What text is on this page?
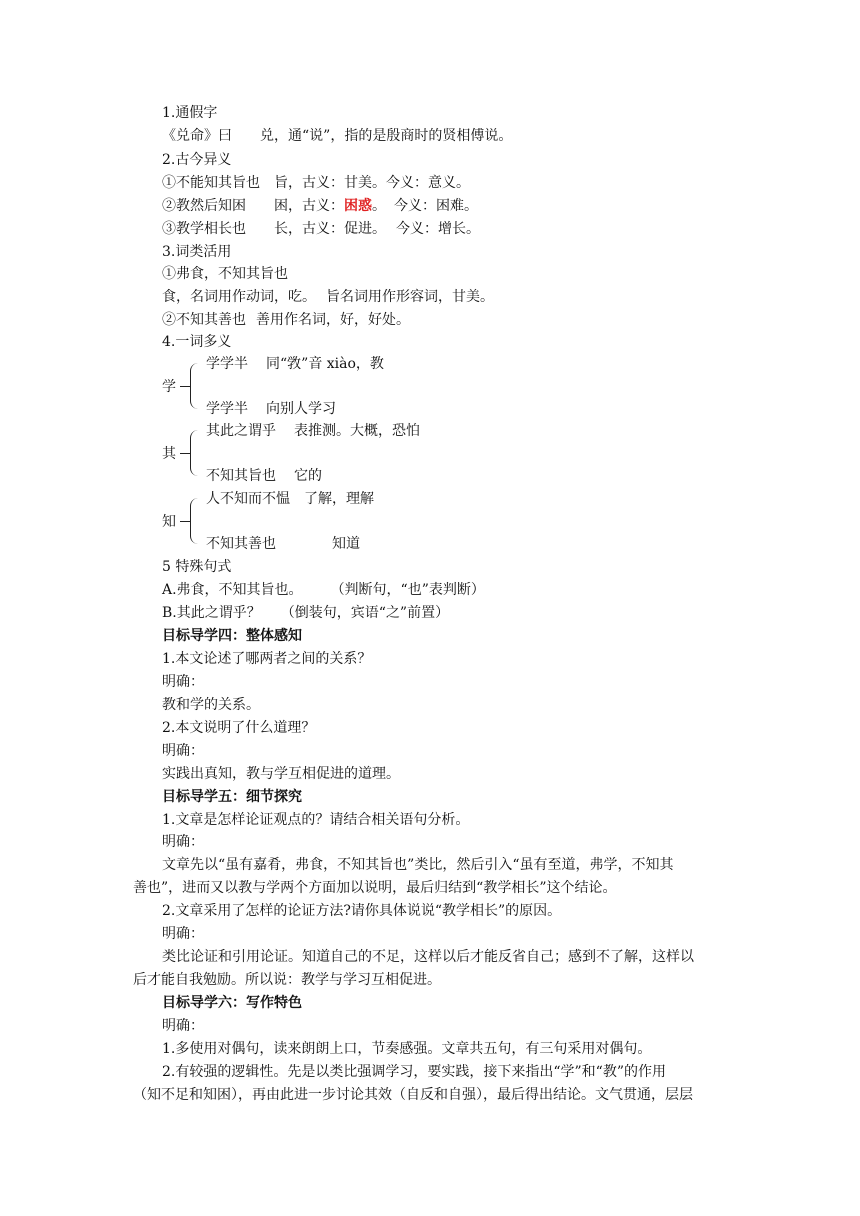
1.通假字
《兑命》曰 兑，通“说”，指的是殷商时的贤相傅说。
2.古今异义
①不能知其旨也 旨，古义：甘美。今义：意义。
②教然后知困 困，古义：困惑。 今义：困难。
③教学相长也 长，古义：促进。 今义：增长。
3.词类活用
①弗食，不知其旨也
食，名词用作动词，吃。 旨名词用作形容词，甘美。
②不知其善也 善用作名词，好，好处。
4.一词多义
学
学学半 同“敩”音 xiào，教
学学半 向别人学习
其
其此之谓乎 表推测。大概，恐怕
不知其旨也 它的
知
人不知而不愠 了解，理解
不知其善也	知道
5 特殊句式
A.弗食，不知其旨也。 （判断句，“也”表判断）
B.其此之谓乎？ （倒装句，宾语“之”前置）
目标导学四：整体感知
1.本文论述了哪两者之间的关系？
明确：
教和学的关系。
2.本文说明了什么道理？
明确：
实践出真知，教与学互相促进的道理。
目标导学五：细节探究
1.文章是怎样论证观点的？请结合相关语句分析。
明确：
文章先以“虽有嘉肴，弗食，不知其旨也”类比，然后引入“虽有至道，弗学，不知其
善也”，进而又以教与学两个方面加以说明，最后归结到“教学相长”这个结论。
2.文章采用了怎样的论证方法?请你具体说说“教学相长”的原因。
明确：
类比论证和引用论证。知道自己的不足，这样以后才能反省自己；感到不了解，这样以
后才能自我勉励。所以说：教学与学习互相促进。
目标导学六：写作特色
明确：
1.多使用对偶句，读来朗朗上口，节奏感强。文章共五句，有三句采用对偶句。
2.有较强的逻辑性。先是以类比强调学习，要实践，接下来指出“学”和“教”的作用
（知不足和知困），再由此进一步讨论其效（自反和自强），最后得出结论。文气贯通，层层
